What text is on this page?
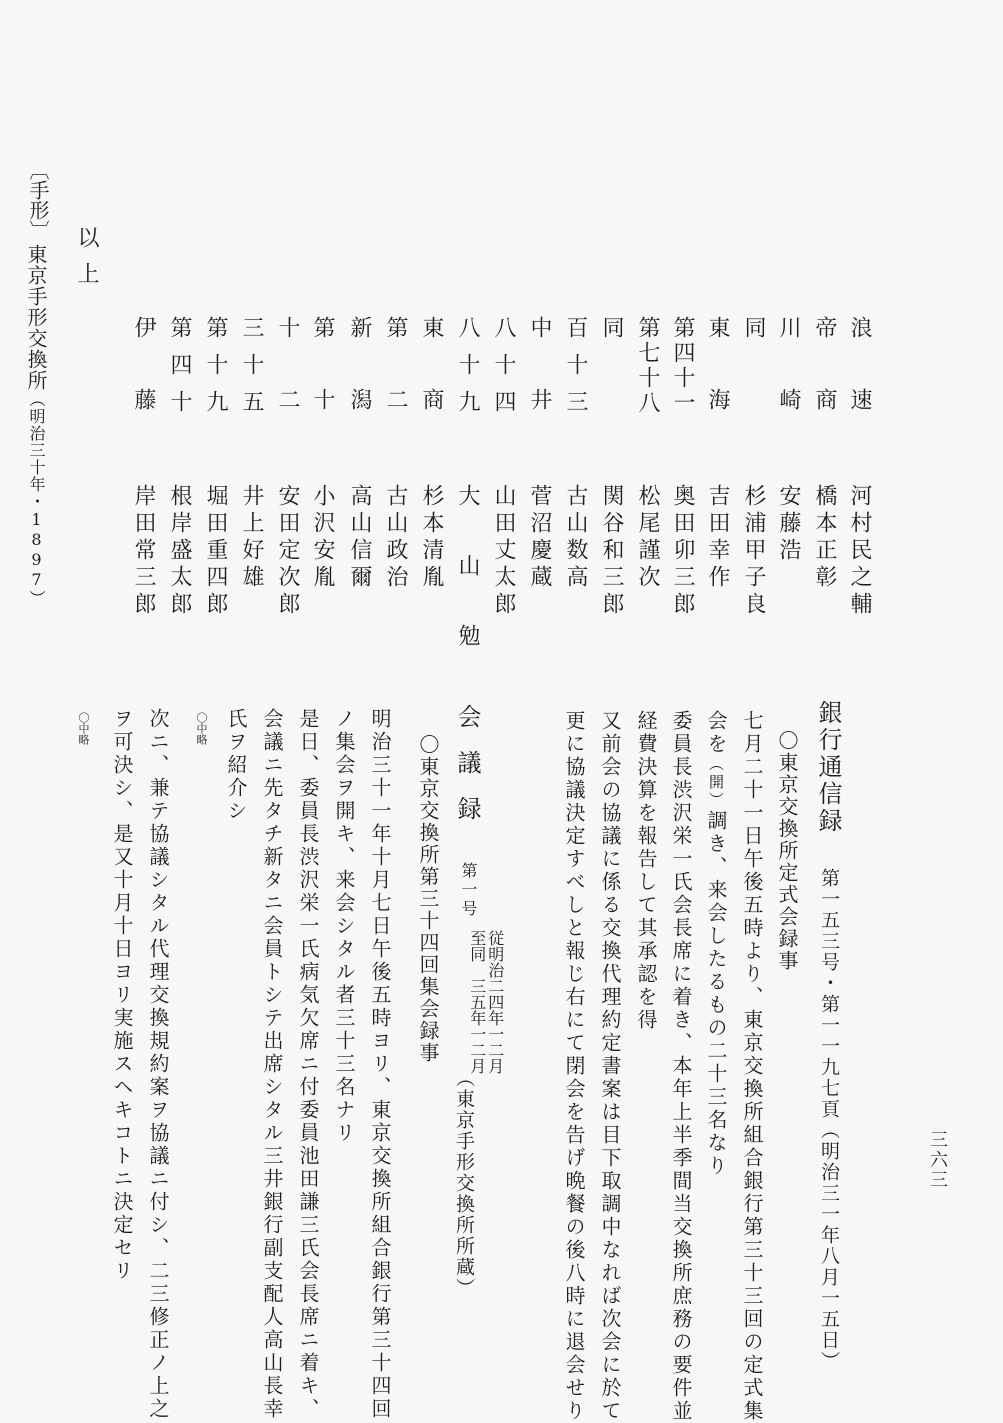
〔手形〕
東京手形交換所（明治三十年・1897）
以上
浪速
河村民之輔
帝商
橋本正彰
川崎
安藤浩
同
杉浦甲子良
東海
吉田幸作
第四十一
奥田卯三郎
第七十八
松尾謹次
同
関谷和三郎
百十三
古山数高
中井
菅沼慶蔵
八十四
山田丈太郎
八十九
大山勉
東商
杉本清胤
第二
古山政治
新潟
高山信爾
第十
小沢安胤
十二
安田定次郎
三十五
井上好雄
第十九
堀田重四郎
第四十
根岸盛太郎
伊藤
岸田常三郎
三六三
銀行通信録
第一五三号・第一一九七頁（明治三一年八月一五日）
〇東京交換所定式会録事
七月二十一日午後五時より、東京交換所組合銀行第三十三回の定式集
会を（開）調き、来会したるもの二十三名なり
委員長渋沢栄一氏会長席に着き、本年上半季間当交換所庶務の要件並
経費決算を報告して其承認を得
又前会の協議に係る交換代理約定書案は目下取調中なれば次会に於て
更に協議決定すべしと報じ右にて閉会を告げ晩餐の後八時に退会せり
会議録
第一号
従明治二四年一二月
至同　三五年一二月
（東京手形交換所所蔵）
〇東京交換所第三十四回集会録事
明治三十一年十月七日午後五時ヨリ、東京交換所組合銀行第三十四回
ノ集会ヲ開キ、来会シタル者三十三名ナリ
是日、委員長渋沢栄一氏病気欠席ニ付委員池田謙三氏会長席ニ着キ、
会議ニ先タチ新タニ会員トシテ出席シタル三井銀行副支配人高山長幸
氏ヲ紹介シ
〇中略
次ニ、兼テ協議シタル代理交換規約案ヲ協議ニ付シ、二三修正ノ上之
ヲ可決シ、是又十月十日ヨリ実施スヘキコトニ決定セリ
〇中略
